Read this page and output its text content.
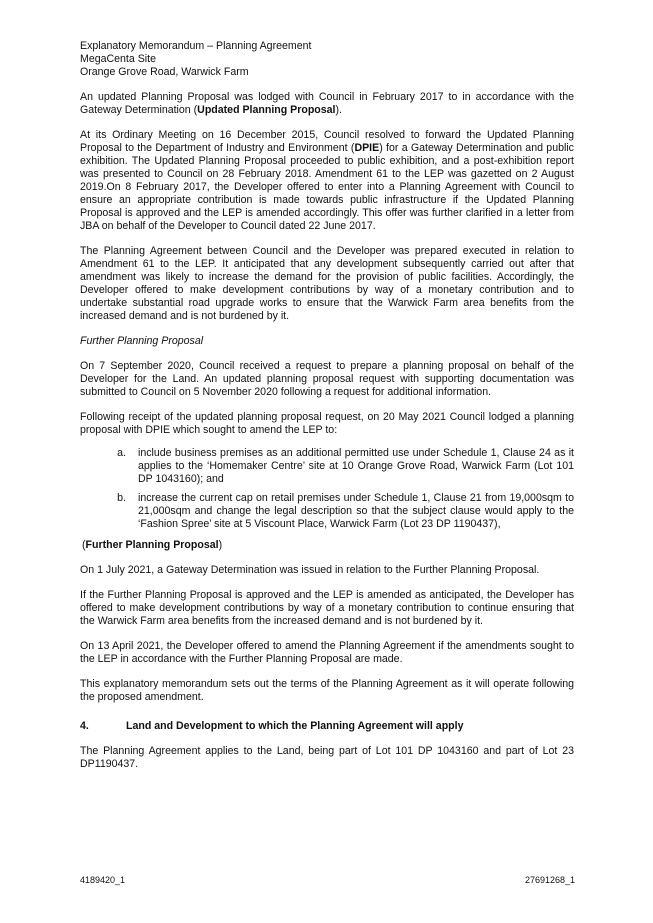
Explanatory Memorandum – Planning Agreement
MegaCenta Site
Orange Grove Road, Warwick Farm

An updated Planning Proposal was lodged with Council in February 2017 to in accordance with the Gateway Determination (Updated Planning Proposal).

At its Ordinary Meeting on 16 December 2015, Council resolved to forward the Updated Planning Proposal to the Department of Industry and Environment (DPIE) for a Gateway Determination and public exhibition. The Updated Planning Proposal proceeded to public exhibition, and a post-exhibition report was presented to Council on 28 February 2018. Amendment 61 to the LEP was gazetted on 2 August 2019.On 8 February 2017, the Developer offered to enter into a Planning Agreement with Council to ensure an appropriate contribution is made towards public infrastructure if the Updated Planning Proposal is approved and the LEP is amended accordingly. This offer was further clarified in a letter from JBA on behalf of the Developer to Council dated 22 June 2017.

The Planning Agreement between Council and the Developer was prepared executed in relation to Amendment 61 to the LEP. It anticipated that any development subsequently carried out after that amendment was likely to increase the demand for the provision of public facilities. Accordingly, the Developer offered to make development contributions by way of a monetary contribution and to undertake substantial road upgrade works to ensure that the Warwick Farm area benefits from the increased demand and is not burdened by it.

Further Planning Proposal

On 7 September 2020, Council received a request to prepare a planning proposal on behalf of the Developer for the Land. An updated planning proposal request with supporting documentation was submitted to Council on 5 November 2020 following a request for additional information.

Following receipt of the updated planning proposal request, on 20 May 2021 Council lodged a planning proposal with DPIE which sought to amend the LEP to:

a.	include business premises as an additional permitted use under Schedule 1, Clause 24 as it applies to the ‘Homemaker Centre’ site at 10 Orange Grove Road, Warwick Farm (Lot 101 DP 1043160); and
b.	increase the current cap on retail premises under Schedule 1, Clause 21 from 19,000sqm to 21,000sqm and change the legal description so that the subject clause would apply to the ‘Fashion Spree’ site at 5 Viscount Place, Warwick Farm (Lot 23 DP 1190437),

(Further Planning Proposal)

On 1 July 2021, a Gateway Determination was issued in relation to the Further Planning Proposal.

If the Further Planning Proposal is approved and the LEP is amended as anticipated, the Developer has offered to make development contributions by way of a monetary contribution to continue ensuring that the Warwick Farm area benefits from the increased demand and is not burdened by it.

On 13 April 2021, the Developer offered to amend the Planning Agreement if the amendments sought to the LEP in accordance with the Further Planning Proposal are made.

This explanatory memorandum sets out the terms of the Planning Agreement as it will operate following the proposed amendment.

4.	Land and Development to which the Planning Agreement will apply

The Planning Agreement applies to the Land, being part of Lot 101 DP 1043160 and part of Lot 23 DP1190437.

4189420_1	27691268_1
